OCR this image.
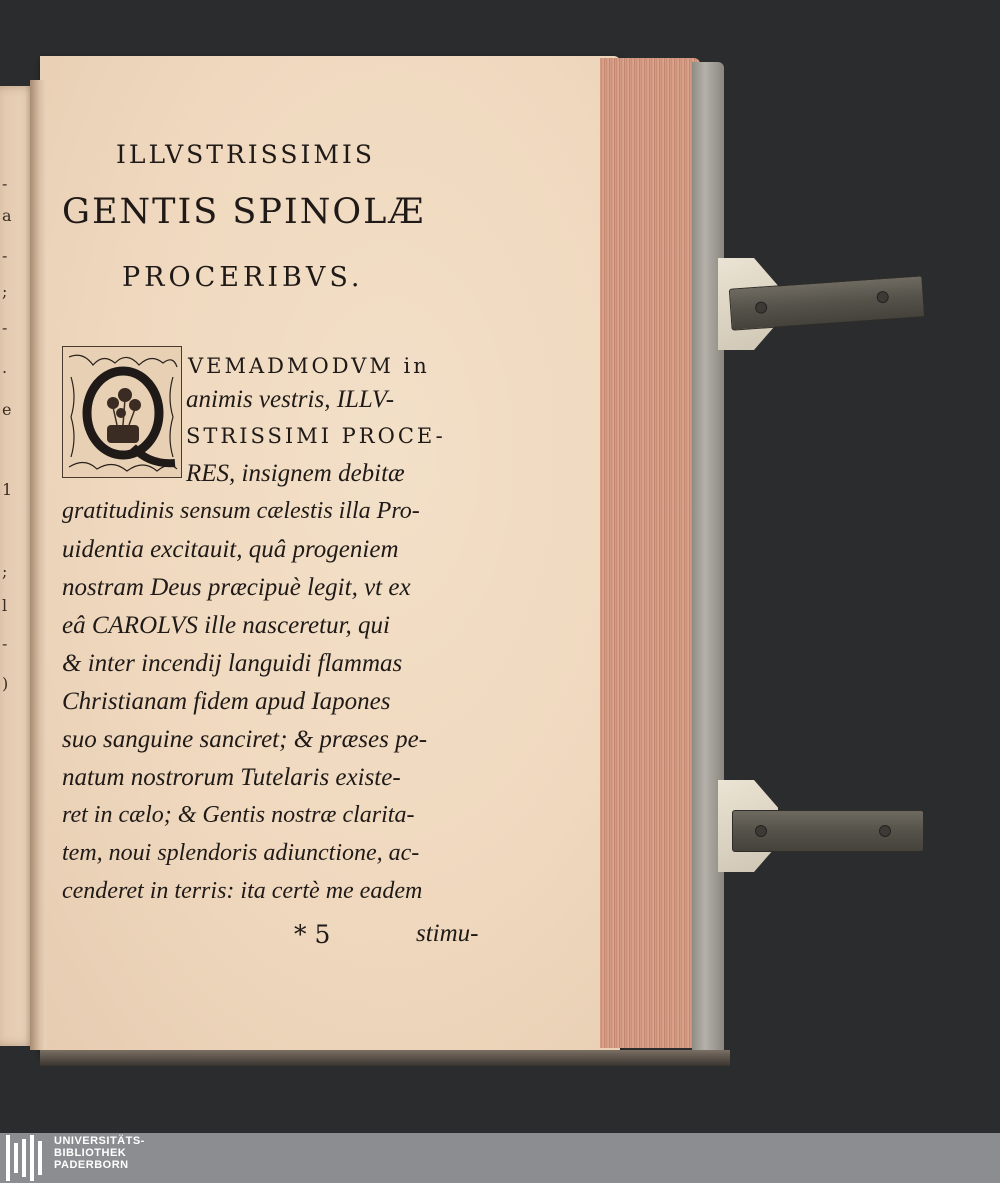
-
a
-
;
-
.
e
1
;
l
-
)
ILLVSTRISSIMIS
GENTIS SPINOLÆ
PROCERIBVS.
VEMADMODVM in
animis vestris, ILLV-
STRISSIMI PROCE-
RES, insignem debitæ
gratitudinis sensum cælestis illa Pro-
uidentia excitauit, quâ progeniem
nostram Deus præcipuè legit, vt ex
eâ CAROLVS ille nasceretur, qui
& inter incendij languidi flammas
Christianam fidem apud Iapones
suo sanguine sanciret; & præses pe-
natum nostrorum Tutelaris existe-
ret in cælo; & Gentis nostræ clarita-
tem, noui splendoris adiunctione, ac-
cenderet in terris: ita certè me eadem
* 5	stimu-
UNIVERSITÄTS-
BIBLIOTHEK
PADERBORN
